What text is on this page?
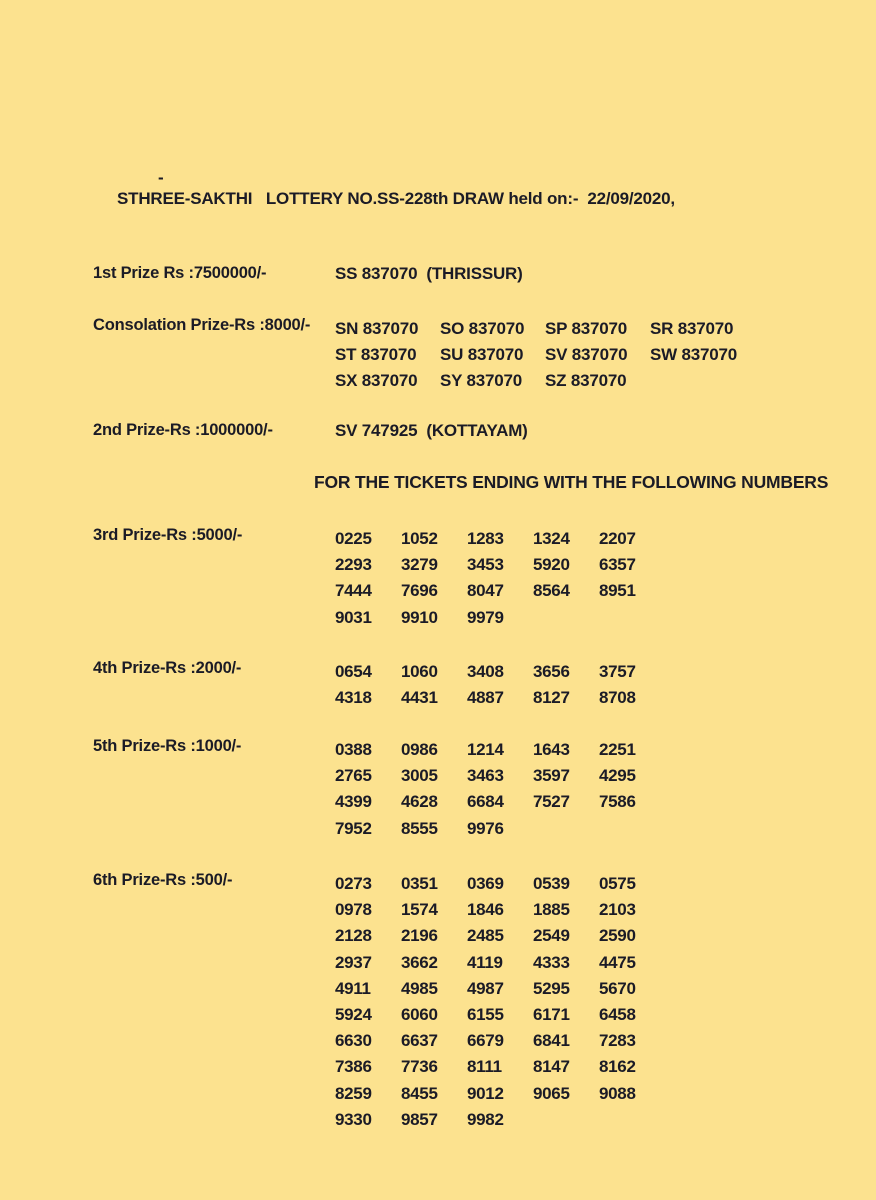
-
STHREE-SAKTHI   LOTTERY NO.SS-228th DRAW held on:-  22/09/2020,
1st Prize Rs :7500000/-	SS 837070  (THRISSUR)
Consolation Prize-Rs :8000/- SN 837070	SO 837070	SP 837070	SR 837070
ST 837070	SU 837070	SV 837070	SW 837070
SX 837070	SY 837070	SZ 837070
2nd Prize-Rs :1000000/-	SV 747925  (KOTTAYAM)
FOR THE TICKETS ENDING WITH THE FOLLOWING NUMBERS
3rd Prize-Rs :5000/-	0225	1052	1283	1324	2207
2293	3279	3453	5920	6357
7444	7696	8047	8564	8951
9031	9910	9979
4th Prize-Rs :2000/-	0654	1060	3408	3656	3757
4318	4431	4887	8127	8708
5th Prize-Rs :1000/-	0388	0986	1214	1643	2251
2765	3005	3463	3597	4295
4399	4628	6684	7527	7586
7952	8555	9976
6th Prize-Rs :500/-	0273	0351	0369	0539	0575
0978	1574	1846	1885	2103
2128	2196	2485	2549	2590
2937	3662	4119	4333	4475
4911	4985	4987	5295	5670
5924	6060	6155	6171	6458
6630	6637	6679	6841	7283
7386	7736	8111	8147	8162
8259	8455	9012	9065	9088
9330	9857	9982
